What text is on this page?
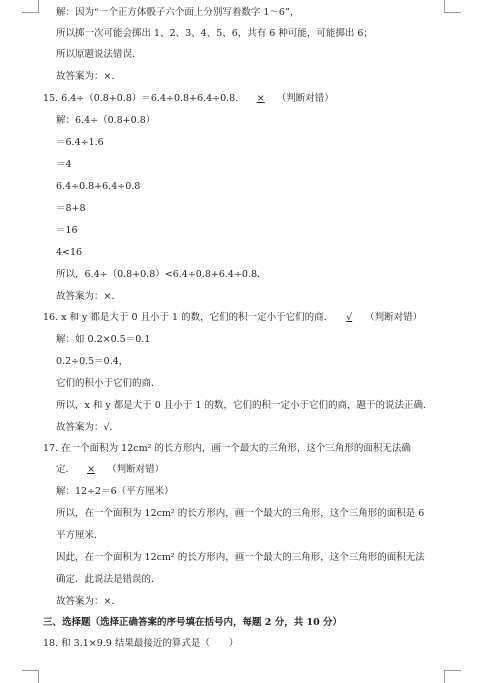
解：因为“一个正方体骰子六个面上分别写着数字 1～6”，
所以掷一次可能会掷出 1、2、3、4、5、6，共有 6 种可能，可能掷出 6；
所以原题说法错误．
故答案为：×．
15. 6.4÷（0.8+0.8）＝6.4÷0.8+6.4÷0.8． × （判断对错）
解：6.4÷（0.8+0.8）
＝6.4÷1.6
＝4
6.4÷0.8+6.4÷0.8
＝8+8
＝16
4<16
所以，6.4÷（0.8+0.8）<6.4÷0.8+6.4÷0.8．
故答案为：×．
16. x 和 y 都是大于 0 且小于 1 的数，它们的积一定小于它们的商． √ （判断对错）
解：如 0.2×0.5＝0.1
0.2÷0.5＝0.4，
它们的积小于它们的商．
所以，x 和 y 都是大于 0 且小于 1 的数，它们的积一定小于它们的商，题干的说法正确．
故答案为：√．
17. 在一个面积为 12cm² 的长方形内，画一个最大的三角形，这个三角形的面积无法确
定． × （判断对错）
解：12÷2＝6（平方厘米）
所以，在一个面积为 12cm² 的长方形内，画一个最大的三角形，这个三角形的面积是 6
平方厘米．
因此，在一个面积为 12cm² 的长方形内，画一个最大的三角形，这个三角形的面积无法
确定．此说法是错误的．
故答案为：×．
三、选择题（选择正确答案的序号填在括号内，每题 2 分，共 10 分）
18. 和 3.1×9.9 结果最接近的算式是（　　）
